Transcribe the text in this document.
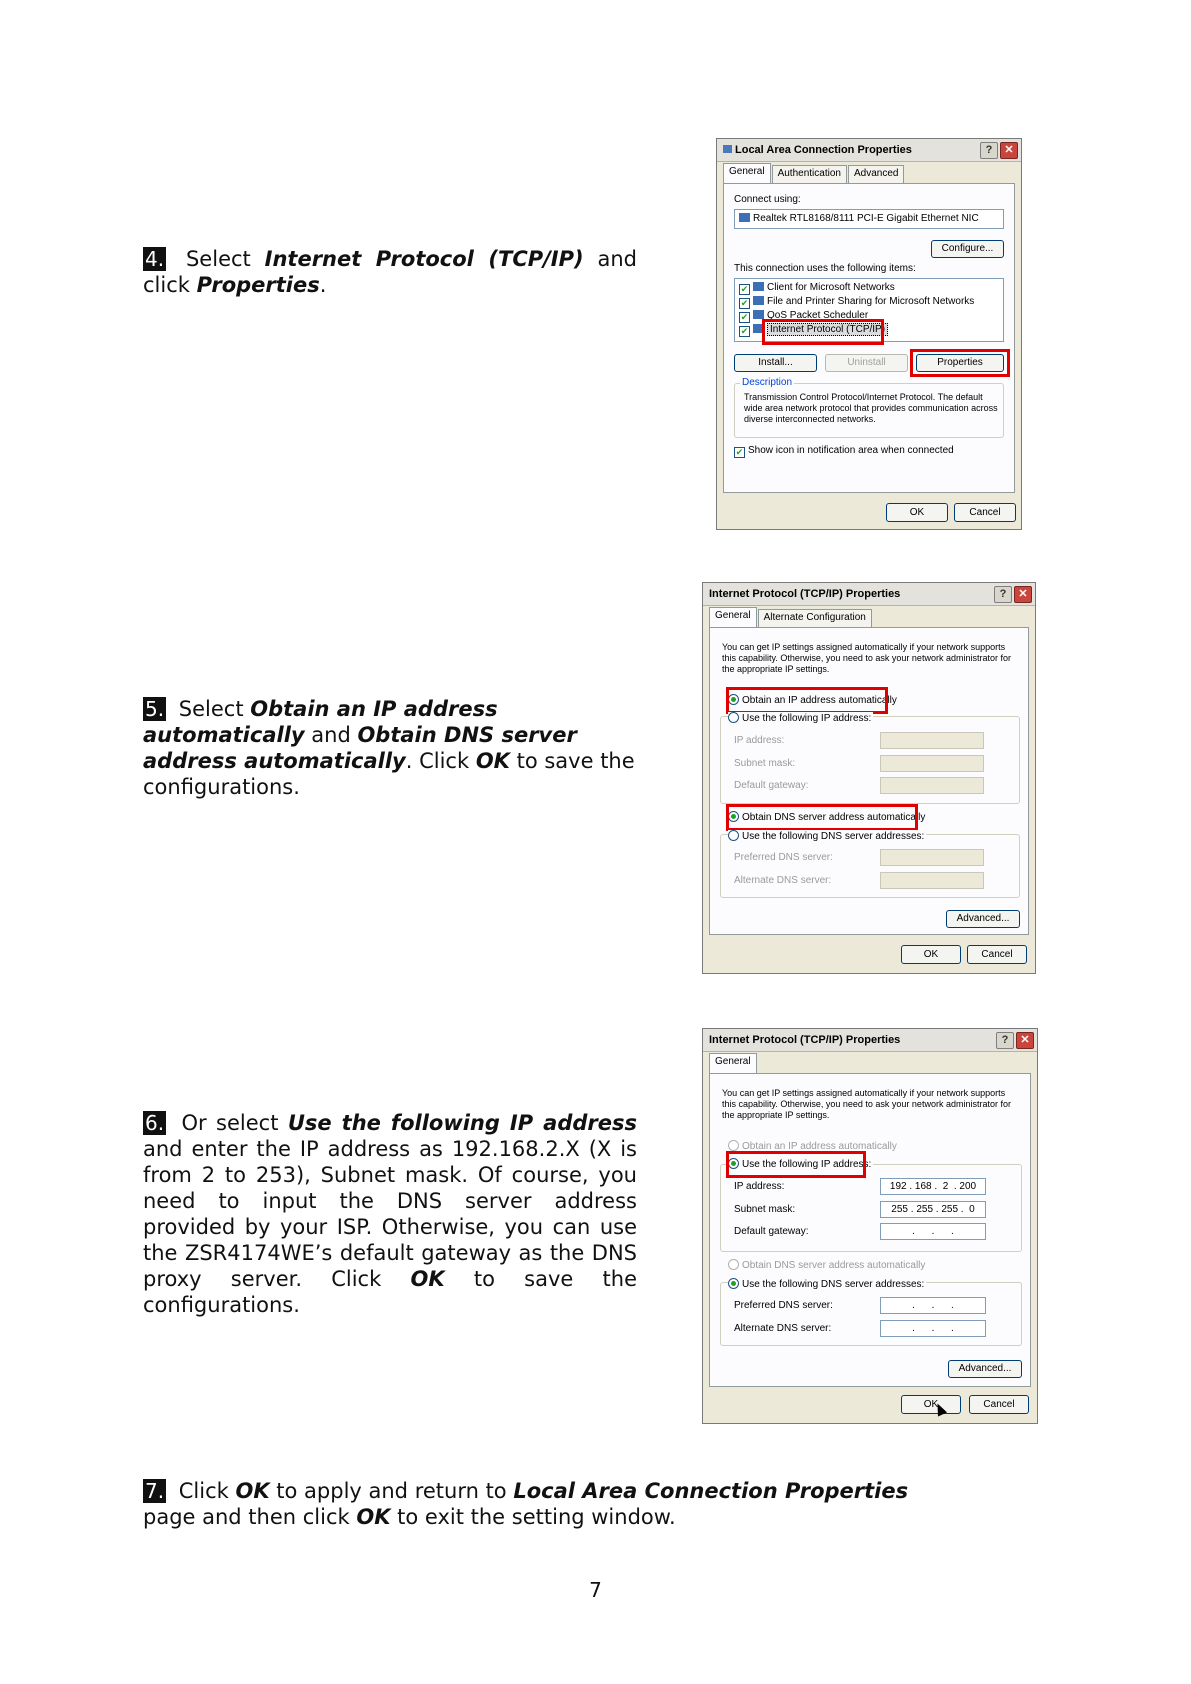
4. Select Internet Protocol (TCP/IP) and click Properties.
5. Select Obtain an IP address automatically and Obtain DNS server address automatically. Click OK to save the configurations.
6. Or select Use the following IP address and enter the IP address as 192.168.2.X (X is from 2 to 253), Subnet mask. Of course, you need to input the DNS server address provided by your ISP. Otherwise, you can use the ZSR4174WE’s default gateway as the DNS proxy server. Click OK to save the configurations.
7. Click OK to apply and return to Local Area Connection Properties page and then click OK to exit the setting window.
7
Local Area Connection Properties	?	✕
General	Authentication	Advanced
Connect using:
Realtek RTL8168/8111 PCI-E Gigabit Ethernet NIC
Configure...
This connection uses the following items:
✔ Client for Microsoft Networks
✔ File and Printer Sharing for Microsoft Networks
✔ QoS Packet Scheduler
✔ Internet Protocol (TCP/IP)
Install...	Uninstall	Properties
Description
Transmission Control Protocol/Internet Protocol. The default wide area network protocol that provides communication across diverse interconnected networks.
✔ Show icon in notification area when connected
OK	Cancel
Internet Protocol (TCP/IP) Properties	?	✕
General	Alternate Configuration
You can get IP settings assigned automatically if your network supports this capability. Otherwise, you need to ask your network administrator for the appropriate IP settings.
Obtain an IP address automatically
Use the following IP address:
IP address:
Subnet mask:
Default gateway:
Obtain DNS server address automatically
Use the following DNS server addresses:
Preferred DNS server:
Alternate DNS server:
Advanced...
OK	Cancel
Internet Protocol (TCP/IP) Properties	?	✕
General
You can get IP settings assigned automatically if your network supports this capability. Otherwise, you need to ask your network administrator for the appropriate IP settings.
Obtain an IP address automatically
Use the following IP address:
IP address:	192 . 168 .  2  . 200
Subnet mask:	255 . 255 . 255 .  0
Default gateway:	.      .      .
Obtain DNS server address automatically
Use the following DNS server addresses:
Preferred DNS server:	.      .      .
Alternate DNS server:	.      .      .
Advanced...
OK	Cancel
